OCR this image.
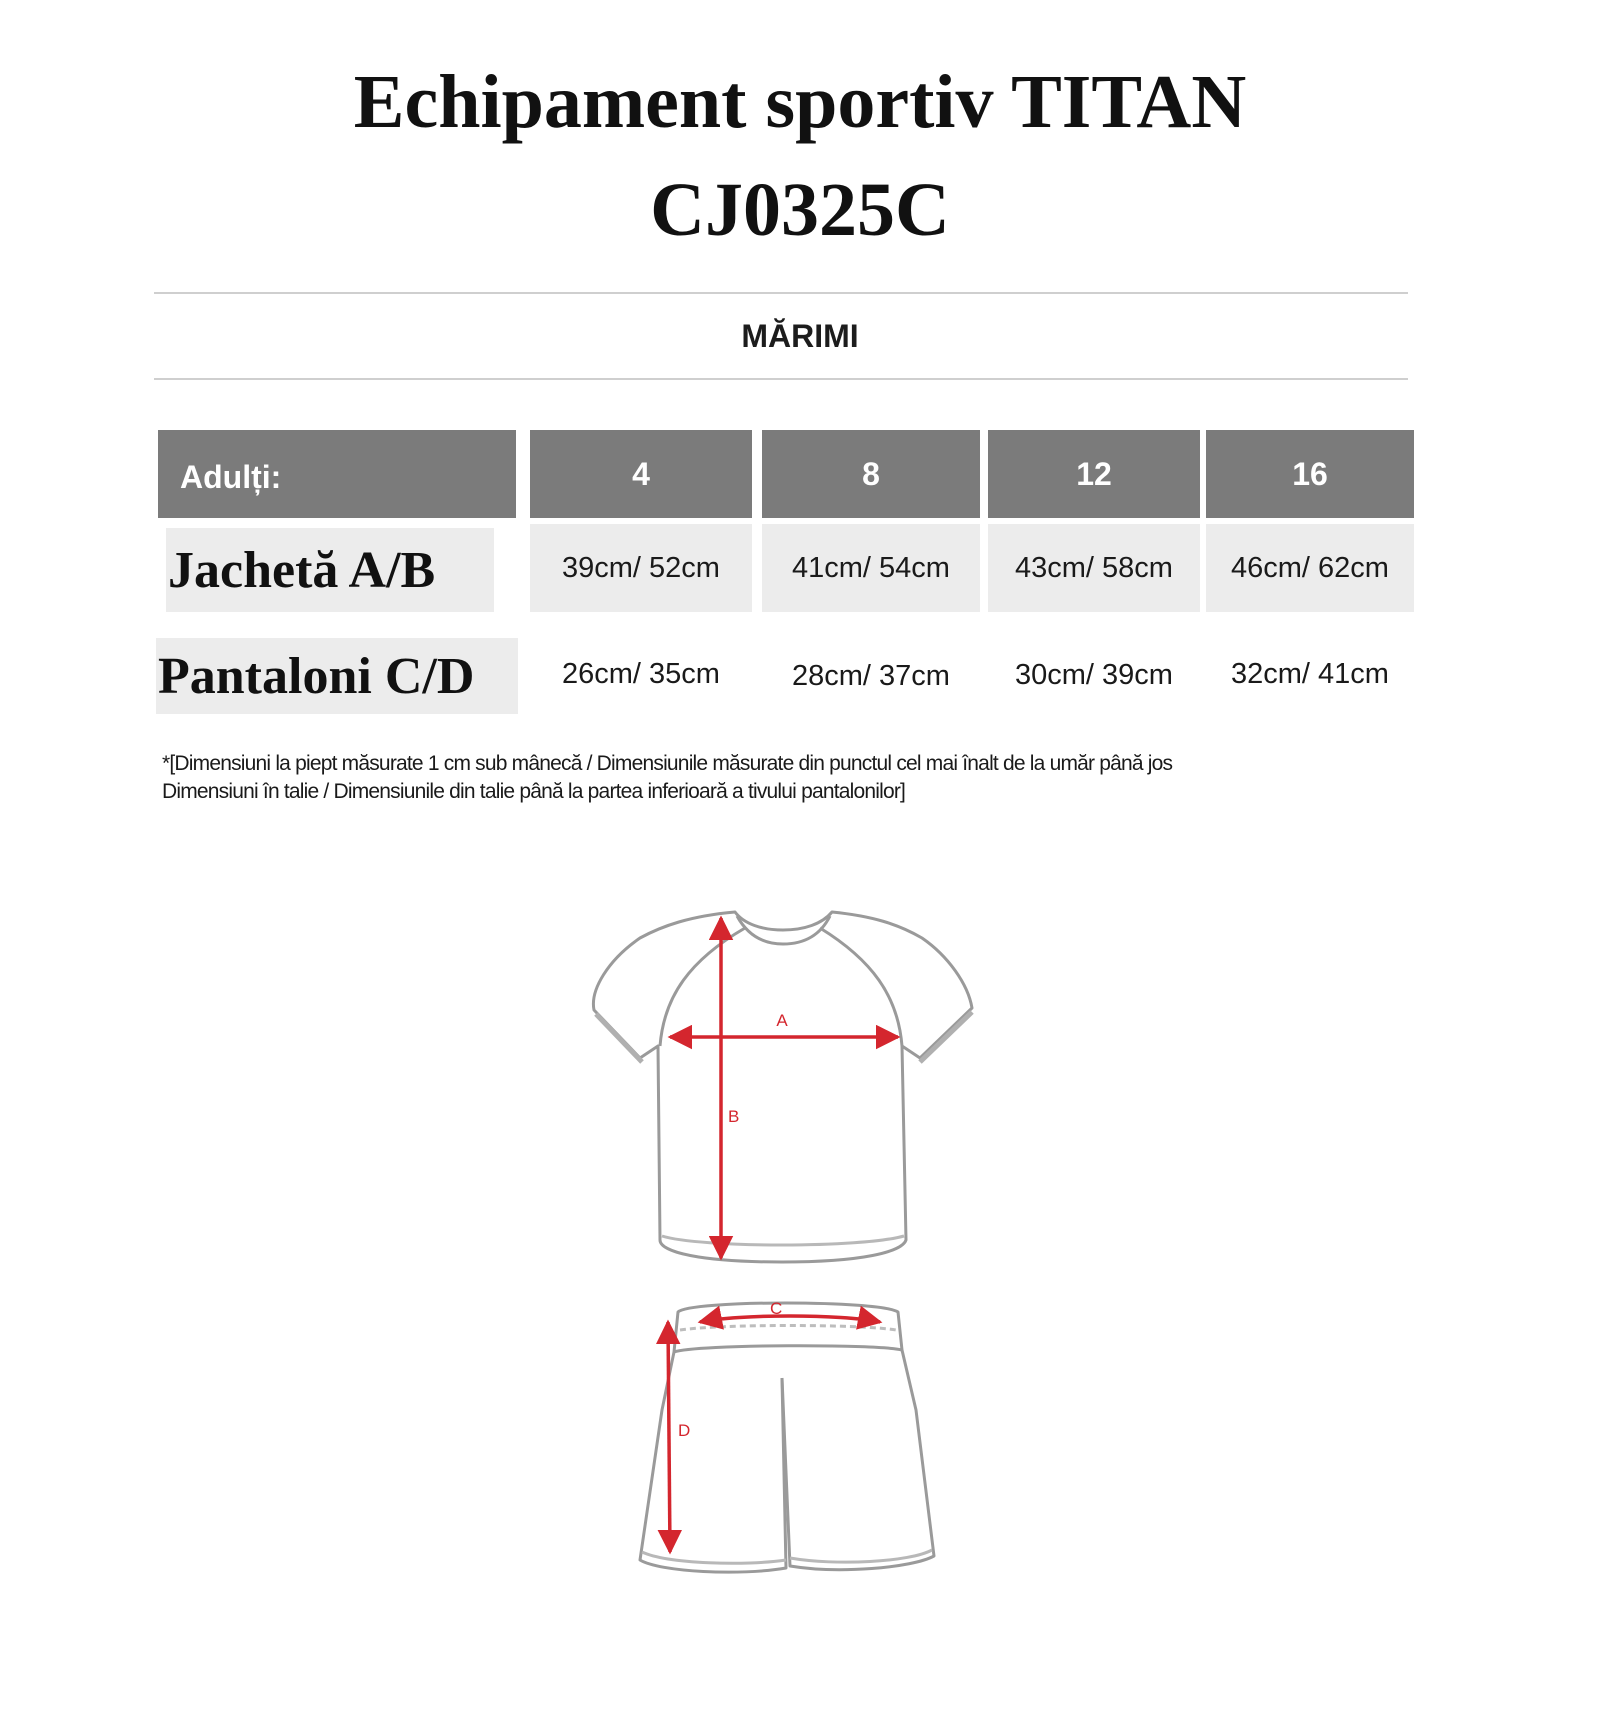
Echipament sportiv TITAN
CJ0325C
MĂRIMI
Adulți:	4	8	12	16
Jachetă A/B	39cm/ 52cm	41cm/ 54cm	43cm/ 58cm	46cm/ 62cm
Pantaloni C/D	26cm/ 35cm	28cm/ 37cm	30cm/ 39cm	32cm/ 41cm
*[Dimensiuni la piept măsurate 1 cm sub mânecă / Dimensiunile măsurate din punctul cel mai înalt de la umăr până jos
Dimensiuni în talie / Dimensiunile din talie până la partea inferioară a tivului pantalonilor]
A
B
C
D
